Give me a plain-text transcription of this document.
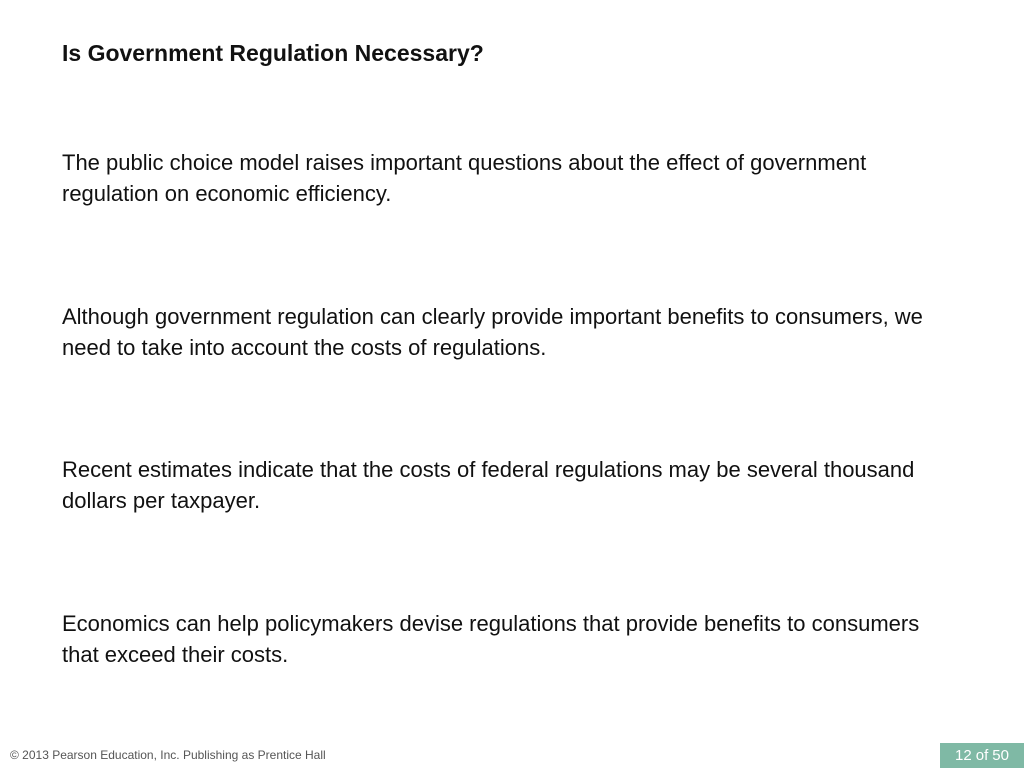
Is Government Regulation Necessary?

The public choice model raises important questions about the effect of government regulation on economic efficiency.

Although government regulation can clearly provide important benefits to consumers, we need to take into account the costs of regulations.

Recent estimates indicate that the costs of federal regulations may be several thousand dollars per taxpayer.

Economics can help policymakers devise regulations that provide benefits to consumers that exceed their costs.

© 2013 Pearson Education, Inc. Publishing as Prentice Hall	12 of 50
